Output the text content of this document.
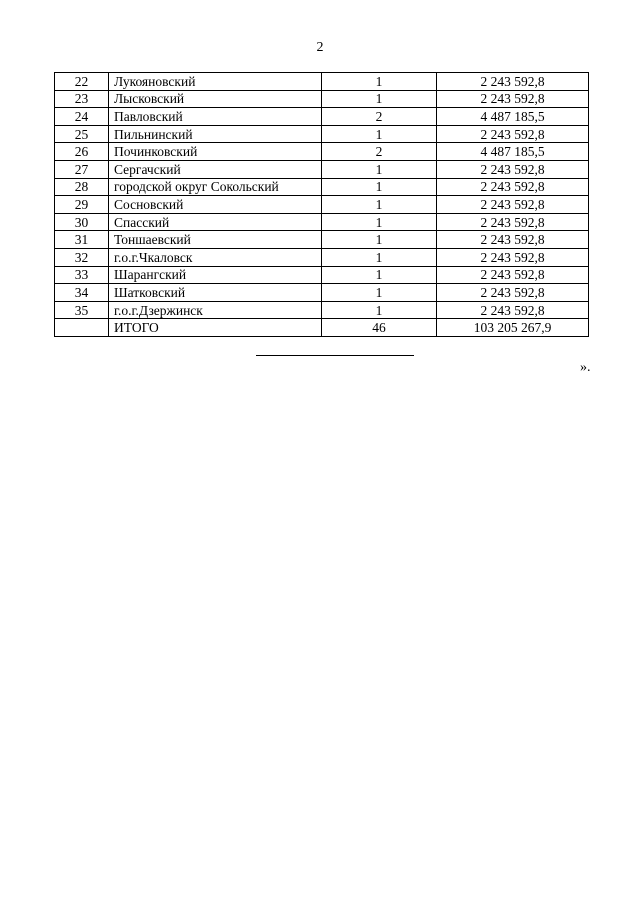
2
22	Лукояновский	1	2 243 592,8
23	Лысковский	1	2 243 592,8
24	Павловский	2	4 487 185,5
25	Пильнинский	1	2 243 592,8
26	Починковский	2	4 487 185,5
27	Сергачский	1	2 243 592,8
28	городской округ Сокольский	1	2 243 592,8
29	Сосновский	1	2 243 592,8
30	Спасский	1	2 243 592,8
31	Тоншаевский	1	2 243 592,8
32	г.о.г.Чкаловск	1	2 243 592,8
33	Шарангский	1	2 243 592,8
34	Шатковский	1	2 243 592,8
35	г.о.г.Дзержинск	1	2 243 592,8
	ИТОГО	46	103 205 267,9
».
